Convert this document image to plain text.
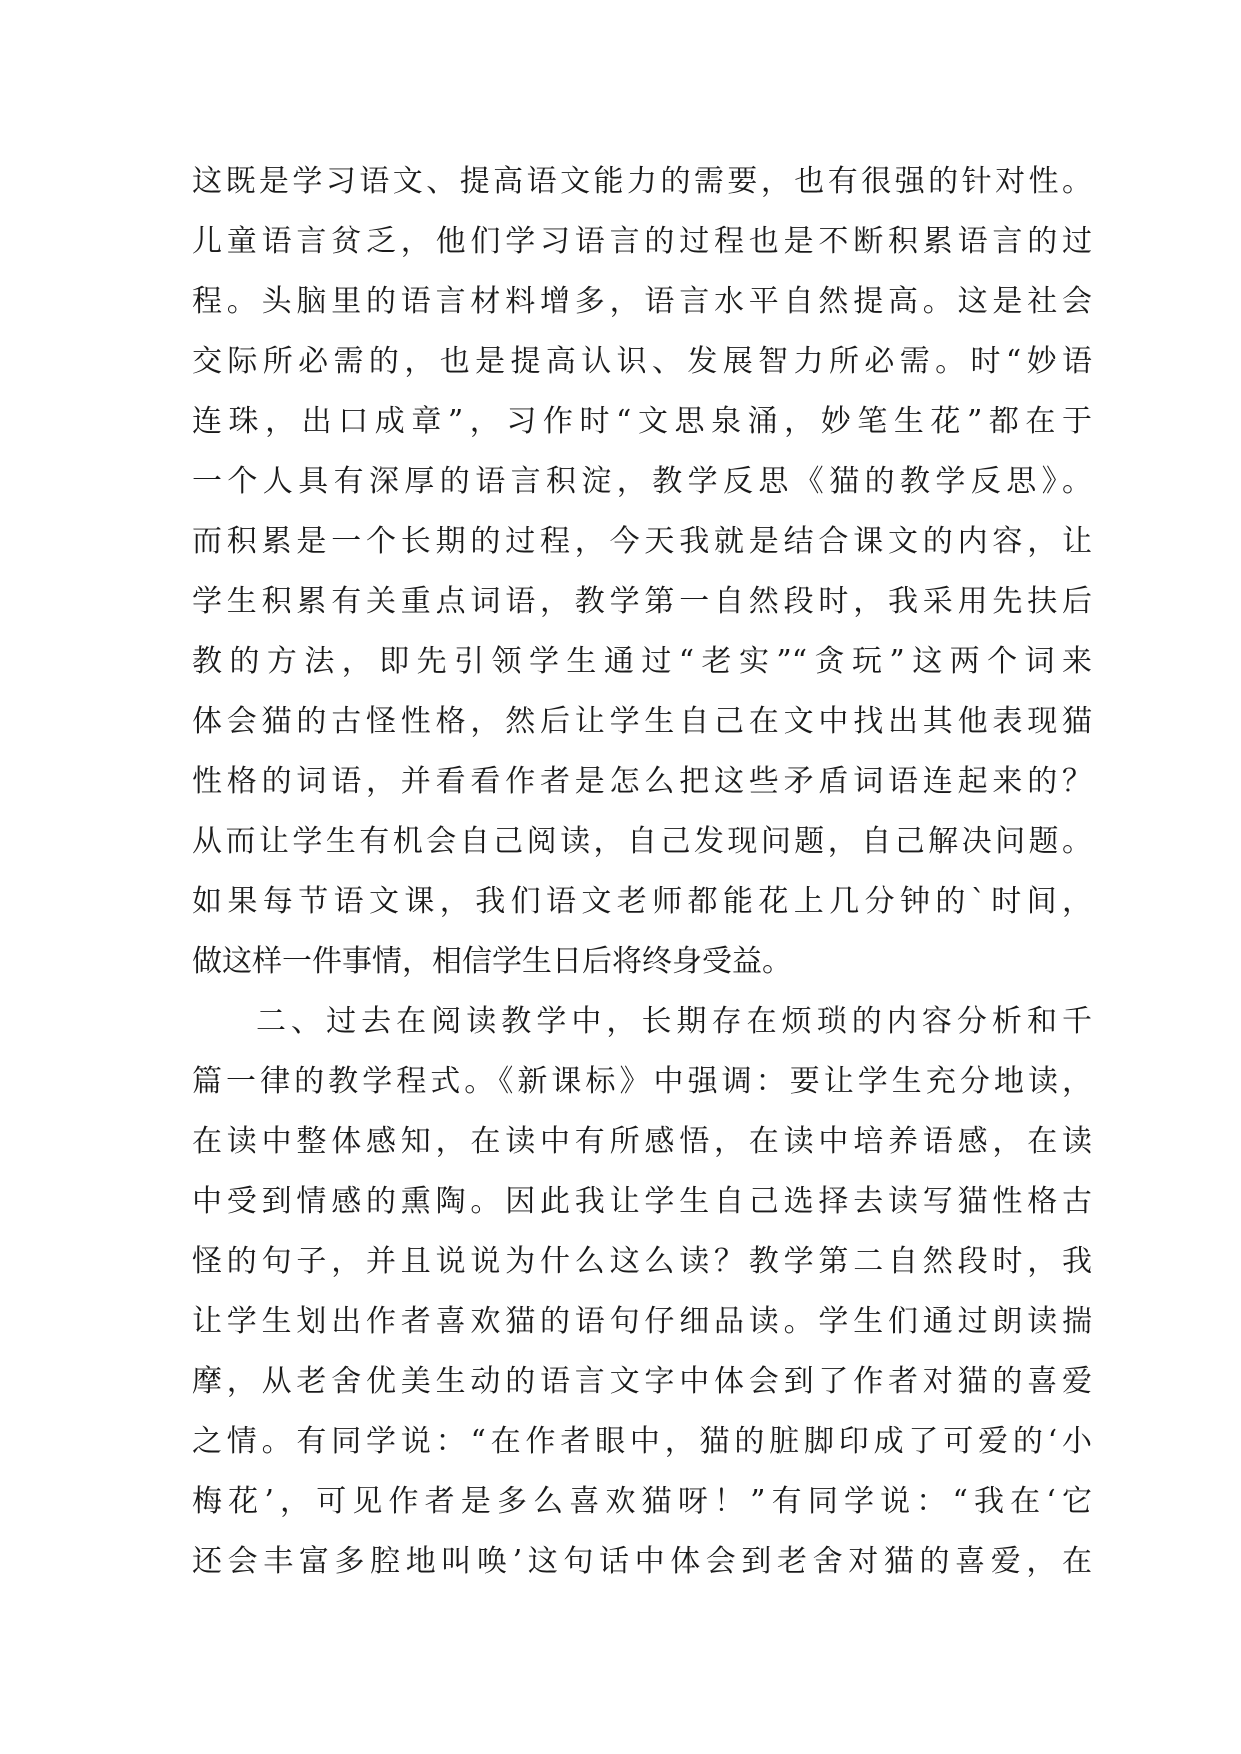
这既是学习语文、提高语文能力的需要，也有很强的针对性。
儿童语言贫乏，他们学习语言的过程也是不断积累语言的过
程。头脑里的语言材料增多，语言水平自然提高。这是社会
交际所必需的，也是提高认识、发展智力所必需。时“妙语
连珠，出口成章”，习作时“文思泉涌，妙笔生花”都在于
一个人具有深厚的语言积淀，教学反思《猫的教学反思》。
而积累是一个长期的过程，今天我就是结合课文的内容，让
学生积累有关重点词语，教学第一自然段时，我采用先扶后
教的方法，即先引领学生通过“老实”“贪玩”这两个词来
体会猫的古怪性格，然后让学生自己在文中找出其他表现猫
性格的词语，并看看作者是怎么把这些矛盾词语连起来的？
从而让学生有机会自己阅读，自己发现问题，自己解决问题。
如果每节语文课，我们语文老师都能花上几分钟的`时间，
做这样一件事情，相信学生日后将终身受益。
二、过去在阅读教学中，长期存在烦琐的内容分析和千
篇一律的教学程式。《新课标》中强调：要让学生充分地读，
在读中整体感知，在读中有所感悟，在读中培养语感，在读
中受到情感的熏陶。因此我让学生自己选择去读写猫性格古
怪的句子，并且说说为什么这么读？教学第二自然段时，我
让学生划出作者喜欢猫的语句仔细品读。学生们通过朗读揣
摩，从老舍优美生动的语言文字中体会到了作者对猫的喜爱
之情。有同学说：“在作者眼中，猫的脏脚印成了可爱的‘小
梅花’，可见作者是多么喜欢猫呀！”有同学说：“我在‘它
还会丰富多腔地叫唤’这句话中体会到老舍对猫的喜爱，在
